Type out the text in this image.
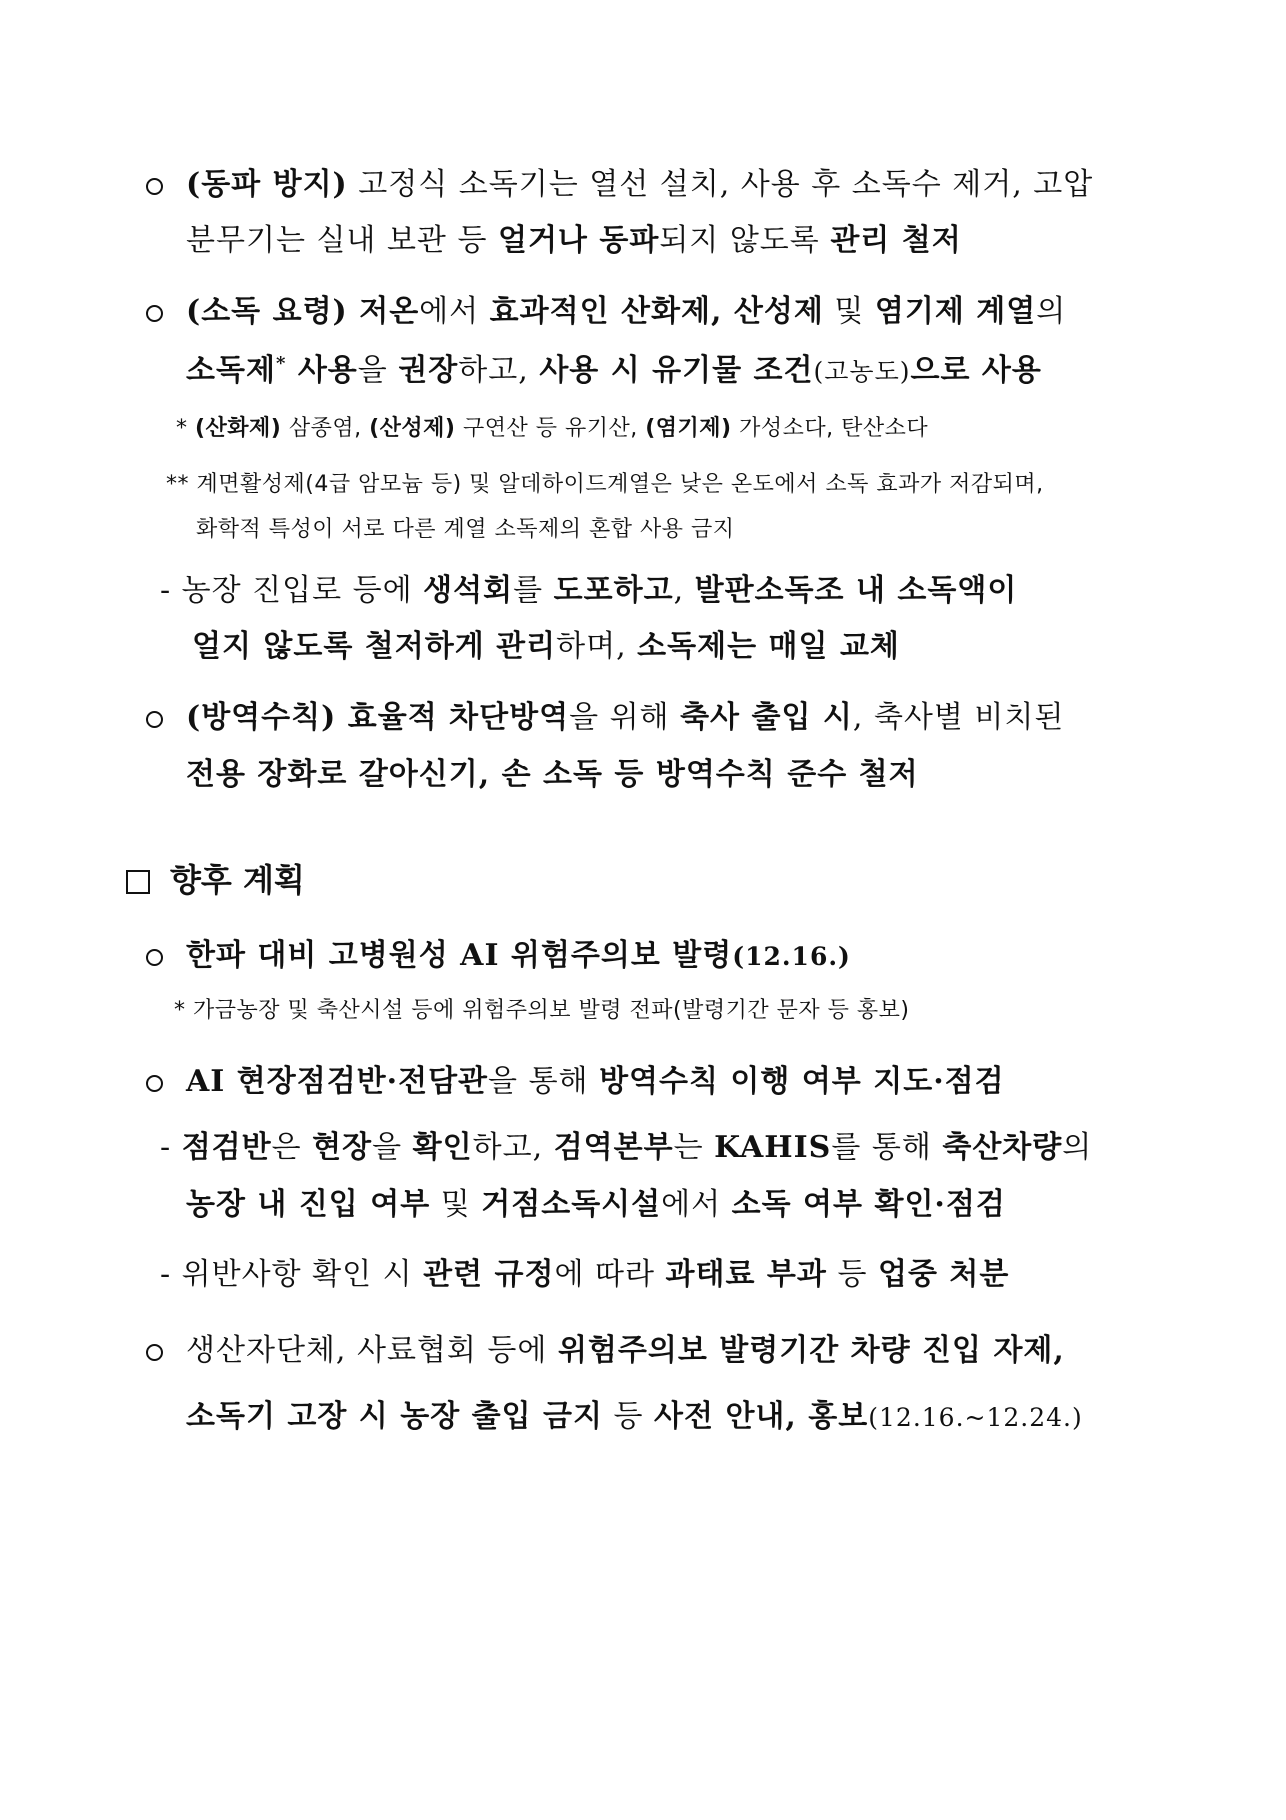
(동파 방지) 고정식 소독기는 열선 설치, 사용 후 소독수 제거, 고압
분무기는 실내 보관 등 얼거나 동파되지 않도록 관리 철저
(소독 요령) 저온에서 효과적인 산화제, 산성제 및 염기제 계열의
소독제* 사용을 권장하고, 사용 시 유기물 조건(고농도)으로 사용
* (산화제) 삼종염, (산성제) 구연산 등 유기산, (염기제) 가성소다, 탄산소다
** 계면활성제(4급 암모늄 등) 및 알데하이드계열은 낮은 온도에서 소독 효과가 저감되며,
화학적 특성이 서로 다른 계열 소독제의 혼합 사용 금지
- 농장 진입로 등에 생석회를 도포하고, 발판소독조 내 소독액이
얼지 않도록 철저하게 관리하며, 소독제는 매일 교체
(방역수칙) 효율적 차단방역을 위해 축사 출입 시, 축사별 비치된
전용 장화로 갈아신기, 손 소독 등 방역수칙 준수 철저
향후 계획
한파 대비 고병원성 AI 위험주의보 발령(12.16.)
* 가금농장 및 축산시설 등에 위험주의보 발령 전파(발령기간 문자 등 홍보)
AI 현장점검반·전담관을 통해 방역수칙 이행 여부 지도·점검
- 점검반은 현장을 확인하고, 검역본부는 KAHIS를 통해 축산차량의
농장 내 진입 여부 및 거점소독시설에서 소독 여부 확인·점검
- 위반사항 확인 시 관련 규정에 따라 과태료 부과 등 업중 처분
생산자단체, 사료협회 등에 위험주의보 발령기간 차량 진입 자제,
소독기 고장 시 농장 출입 금지 등 사전 안내, 홍보(12.16.~12.24.)
